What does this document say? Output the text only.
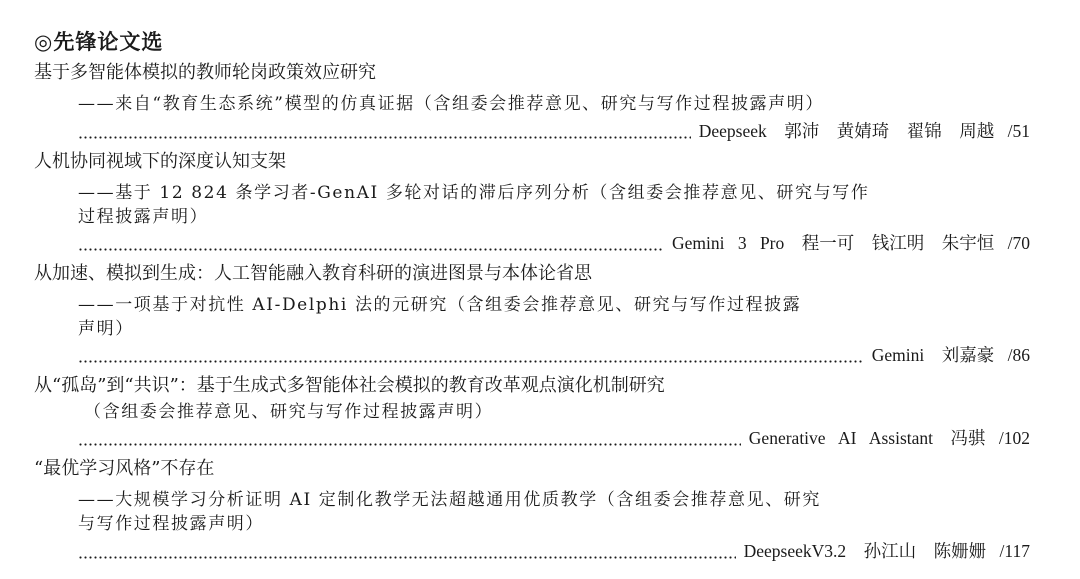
◎先锋论文选
基于多智能体模拟的教师轮岗政策效应研究
——来自“教育生态系统”模型的仿真证据（含组委会推荐意见、研究与写作过程披露声明）
Deepseek　郭沛　黄婧琦　翟锦　周越 /51
人机协同视域下的深度认知支架
——基于 12 824 条学习者-GenAI 多轮对话的滞后序列分析（含组委会推荐意见、研究与写作
过程披露声明）
Gemini 3 Pro　程一可　钱江明　朱宇恒 /70
从加速、模拟到生成：人工智能融入教育科研的演进图景与本体论省思
——一项基于对抗性 AI-Delphi 法的元研究（含组委会推荐意见、研究与写作过程披露
声明）
Gemini　刘嘉豪 /86
从“孤岛”到“共识”：基于生成式多智能体社会模拟的教育改革观点演化机制研究
（含组委会推荐意见、研究与写作过程披露声明）
Generative AI Assistant　冯骐 /102
“最优学习风格”不存在
——大规模学习分析证明 AI 定制化教学无法超越通用优质教学（含组委会推荐意见、研究
与写作过程披露声明）
DeepseekV3.2　孙江山　陈姗姗 /117
